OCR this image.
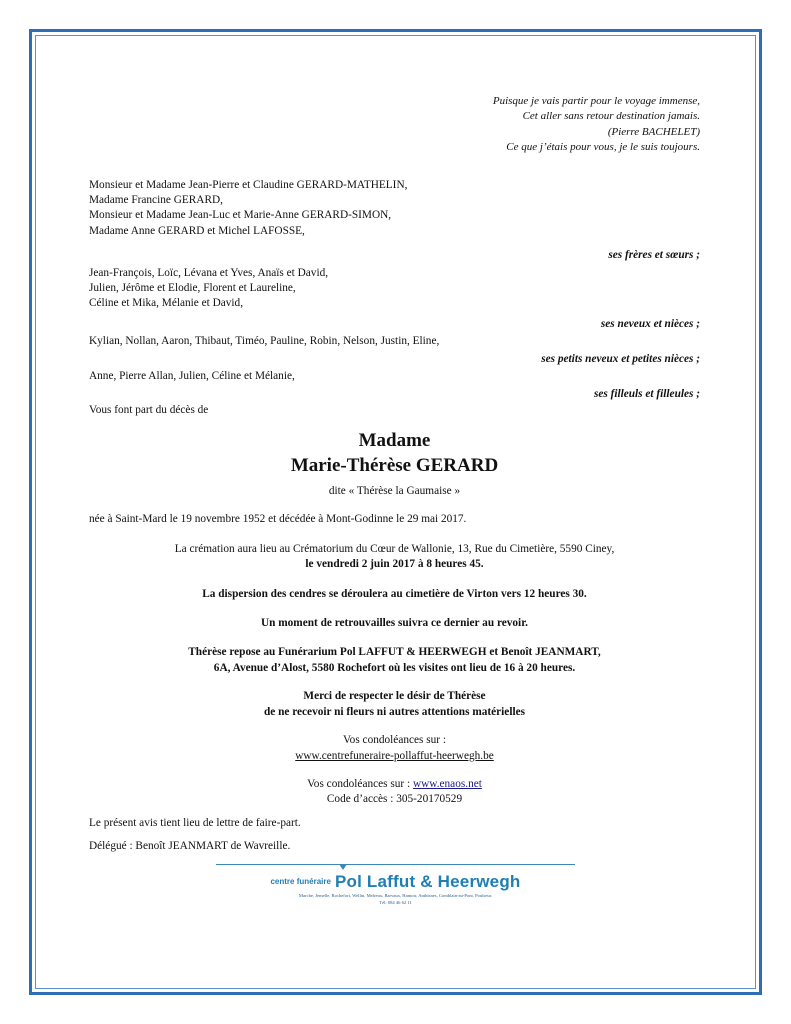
Puisque je vais partir pour le voyage immense,
Cet aller sans retour destination jamais.
(Pierre BACHELET)
Ce que j’étais pour vous, je le suis toujours.
Monsieur et Madame Jean-Pierre et Claudine GERARD-MATHELIN,
Madame Francine GERARD,
Monsieur et Madame Jean-Luc et Marie-Anne GERARD-SIMON,
Madame Anne GERARD et Michel LAFOSSE,
ses frères et sœurs ;
Jean-François, Loïc, Lévana et Yves, Anaïs et David,
Julien, Jérôme et Elodie, Florent et Laureline,
Céline et Mika, Mélanie et David,
ses neveux et nièces ;
Kylian, Nollan, Aaron, Thibaut, Timéo, Pauline, Robin, Nelson, Justin, Eline,
ses petits neveux et petites nièces ;
Anne, Pierre Allan, Julien, Céline et Mélanie,
ses filleuls et filleules ;
Vous font part du décès de
Madame
Marie-Thérèse GERARD
dite « Thérèse la Gaumaise »
née à Saint-Mard le 19 novembre 1952 et décédée à Mont-Godinne le 29 mai 2017.
La crémation aura lieu au Crématorium du Cœur de Wallonie, 13, Rue du Cimetière, 5590 Ciney,
le vendredi 2 juin 2017 à 8 heures 45.
La dispersion des cendres se déroulera au cimetière de Virton vers 12 heures 30.
Un moment de retrouvailles suivra ce dernier au revoir.
Thérèse repose au Funérarium Pol LAFFUT & HEERWEGH et Benoît JEANMART,
6A, Avenue d’Alost, 5580 Rochefort où les visites ont lieu de 16 à 20 heures.
Merci de respecter le désir de Thérèse
de ne recevoir ni fleurs ni autres attentions matérielles
Vos condoléances sur :
www.centrefuneraire-pollaffut-heerwegh.be
Vos condoléances sur : www.enaos.net
Code d’accès : 305-20170529
Le présent avis tient lieu de lettre de faire-part.
Délégué : Benoît JEANMART de Wavreille.
centre funéraire Pol Laffut & Heerwegh
Marche, Jemelle, Rochefort, Wellin, Melreux, Barvaux, Hamoir, Anthisnes, Comblain-au-Pont, Poulseur.
Tél: 084 46 62 11
